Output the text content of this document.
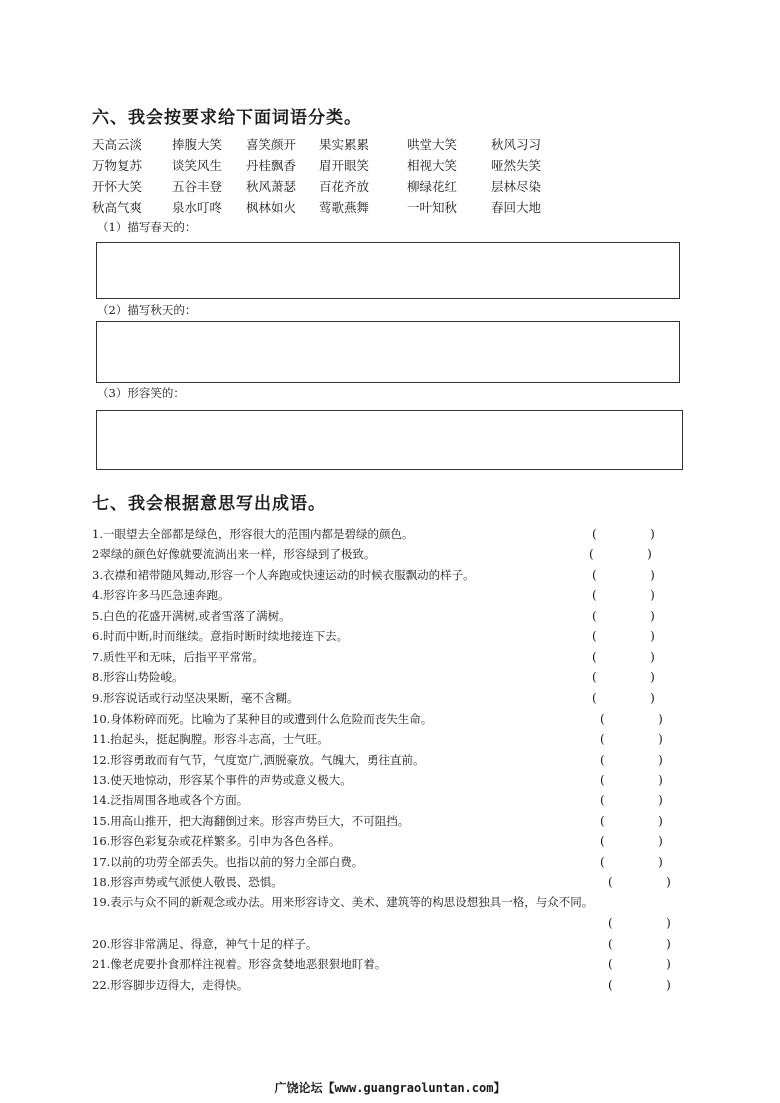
六、我会按要求给下面词语分类。
天高云淡 捧腹大笑 喜笑颜开 果实累累	哄堂大笑	秋风习习
万物复苏 谈笑风生 丹桂飘香 眉开眼笑	相视大笑	哑然失笑
开怀大笑 五谷丰登 秋风萧瑟 百花齐放	柳绿花红	层林尽染
秋高气爽 泉水叮咚 枫林如火 莺歌燕舞	一叶知秋	春回大地
（1）描写春天的：
（2）描写秋天的：
（3）形容笑的：
七、我会根据意思写出成语。
1.一眼望去全部都是绿色，形容很大的范围内都是碧绿的颜色。	(              )
2翠绿的颜色好像就要流淌出来一样，形容绿到了极致。	(              )
3.衣襟和裙带随风舞动,形容一个人奔跑或快速运动的时候衣服飘动的样子。	(              )
4.形容许多马匹急速奔跑。	(              )
5.白色的花盛开满树,或者雪落了满树。	(              )
6.时而中断,时而继续。意指时断时续地接连下去。	(              )
7.质性平和无味，后指平平常常。	(              )
8.形容山势险峻。	(              )
9.形容说话或行动坚决果断，毫不含糊。	(              )
10.身体粉碎而死。比喻为了某种目的或遭到什么危险而丧失生命。	(              )
11.抬起头，挺起胸膛。形容斗志高，士气旺。	(              )
12.形容勇敢而有气节，气度宽广,洒脱豪放。气魄大，勇往直前。	(              )
13.使天地惊动，形容某个事件的声势或意义极大。	(              )
14.泛指周围各地或各个方面。	(              )
15.用高山推开，把大海翻倒过来。形容声势巨大，不可阻挡。	(              )
16.形容色彩复杂或花样繁多。引申为各色各样。	(              )
17.以前的功劳全部丢失。也指以前的努力全部白费。	(              )
18.形容声势或气派使人敬畏、恐惧。	(              )
19.表示与众不同的新观念或办法。用来形容诗文、美术、建筑等的构思设想独具一格，与众不同。
(              )
20.形容非常满足、得意，神气十足的样子。	(              )
21.像老虎要扑食那样注视着。形容贪婪地恶狠狠地盯着。	(              )
22.形容脚步迈得大，走得快。	(              )
广饶论坛【www.guangraoluntan.com】
